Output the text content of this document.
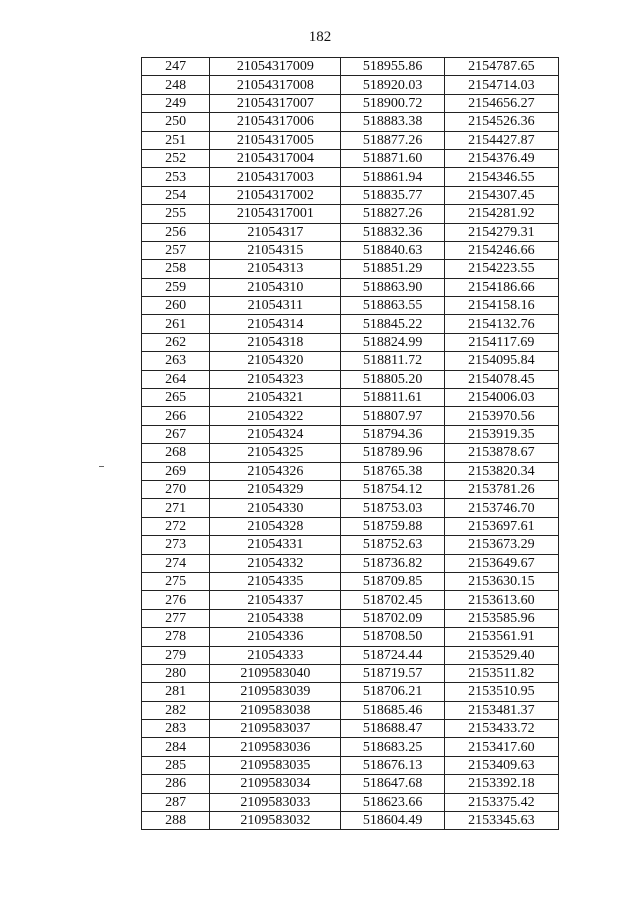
182
247	21054317009	518955.86	2154787.65
248	21054317008	518920.03	2154714.03
249	21054317007	518900.72	2154656.27
250	21054317006	518883.38	2154526.36
251	21054317005	518877.26	2154427.87
252	21054317004	518871.60	2154376.49
253	21054317003	518861.94	2154346.55
254	21054317002	518835.77	2154307.45
255	21054317001	518827.26	2154281.92
256	21054317	518832.36	2154279.31
257	21054315	518840.63	2154246.66
258	21054313	518851.29	2154223.55
259	21054310	518863.90	2154186.66
260	21054311	518863.55	2154158.16
261	21054314	518845.22	2154132.76
262	21054318	518824.99	2154117.69
263	21054320	518811.72	2154095.84
264	21054323	518805.20	2154078.45
265	21054321	518811.61	2154006.03
266	21054322	518807.97	2153970.56
267	21054324	518794.36	2153919.35
268	21054325	518789.96	2153878.67
269	21054326	518765.38	2153820.34
270	21054329	518754.12	2153781.26
271	21054330	518753.03	2153746.70
272	21054328	518759.88	2153697.61
273	21054331	518752.63	2153673.29
274	21054332	518736.82	2153649.67
275	21054335	518709.85	2153630.15
276	21054337	518702.45	2153613.60
277	21054338	518702.09	2153585.96
278	21054336	518708.50	2153561.91
279	21054333	518724.44	2153529.40
280	2109583040	518719.57	2153511.82
281	2109583039	518706.21	2153510.95
282	2109583038	518685.46	2153481.37
283	2109583037	518688.47	2153433.72
284	2109583036	518683.25	2153417.60
285	2109583035	518676.13	2153409.63
286	2109583034	518647.68	2153392.18
287	2109583033	518623.66	2153375.42
288	2109583032	518604.49	2153345.63
